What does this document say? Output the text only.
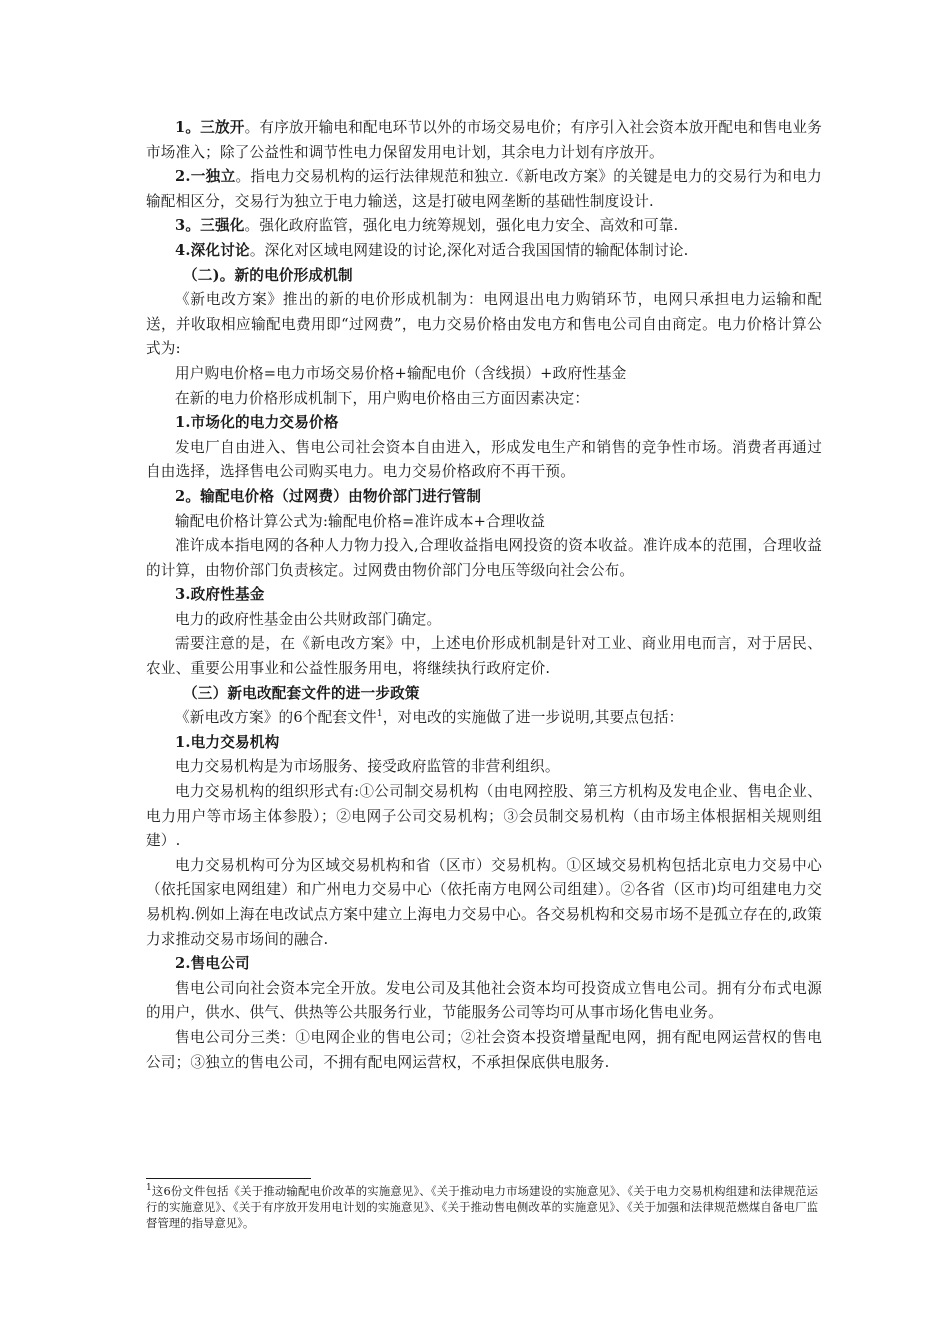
1。三放开。有序放开输电和配电环节以外的市场交易电价；有序引入社会资本放开配电和售电业务市场准入；除了公益性和调节性电力保留发用电计划，其余电力计划有序放开。

2.一独立。指电力交易机构的运行法律规范和独立.《新电改方案》的关键是电力的交易行为和电力输配相区分，交易行为独立于电力输送，这是打破电网垄断的基础性制度设计.

3。三强化。强化政府监管，强化电力统筹规划，强化电力安全、高效和可靠.

4.深化讨论。深化对区域电网建设的讨论,深化对适合我国国情的输配体制讨论.

（二)。新的电价形成机制

《新电改方案》推出的新的电价形成机制为：电网退出电力购销环节，电网只承担电力运输和配送，并收取相应输配电费用即“过网费”，电力交易价格由发电方和售电公司自由商定。电力价格计算公式为:

用户购电价格=电力市场交易价格+输配电价（含线损）+政府性基金

在新的电力价格形成机制下，用户购电价格由三方面因素决定：

1.市场化的电力交易价格

发电厂自由进入、售电公司社会资本自由进入，形成发电生产和销售的竞争性市场。消费者再通过自由选择，选择售电公司购买电力。电力交易价格政府不再干预。

2。输配电价格（过网费）由物价部门进行管制

输配电价格计算公式为:输配电价格=准许成本+合理收益

准许成本指电网的各种人力物力投入,合理收益指电网投资的资本收益。准许成本的范围，合理收益的计算，由物价部门负责核定。过网费由物价部门分电压等级向社会公布。

3.政府性基金

电力的政府性基金由公共财政部门确定。

需要注意的是，在《新电改方案》中，上述电价形成机制是针对工业、商业用电而言，对于居民、农业、重要公用事业和公益性服务用电，将继续执行政府定价.

（三）新电改配套文件的进一步政策

《新电改方案》的6个配套文件$^1$，对电改的实施做了进一步说明,其要点包括：

1.电力交易机构

电力交易机构是为市场服务、接受政府监管的非营利组织。

电力交易机构的组织形式有:①公司制交易机构（由电网控股、第三方机构及发电企业、售电企业、电力用户等市场主体参股）；②电网子公司交易机构；③会员制交易机构（由市场主体根据相关规则组建）.

电力交易机构可分为区域交易机构和省（区市）交易机构。①区域交易机构包括北京电力交易中心（依托国家电网组建）和广州电力交易中心（依托南方电网公司组建）。②各省（区市)均可组建电力交易机构.例如上海在电改试点方案中建立上海电力交易中心。各交易机构和交易市场不是孤立存在的,政策力求推动交易市场间的融合.

2.售电公司

售电公司向社会资本完全开放。发电公司及其他社会资本均可投资成立售电公司。拥有分布式电源的用户，供水、供气、供热等公共服务行业，节能服务公司等均可从事市场化售电业务。

售电公司分三类：①电网企业的售电公司；②社会资本投资增量配电网，拥有配电网运营权的售电公司；③独立的售电公司，不拥有配电网运营权，不承担保底供电服务.

$^1$这6份文件包括《关于推动输配电价改革的实施意见》、《关于推动电力市场建设的实施意见》、《关于电力交易机构组建和法律规范运行的实施意见》、《关于有序放开发用电计划的实施意见》、《关于推动售电侧改革的实施意见》、《关于加强和法律规范燃煤自备电厂监督管理的指导意见》。
